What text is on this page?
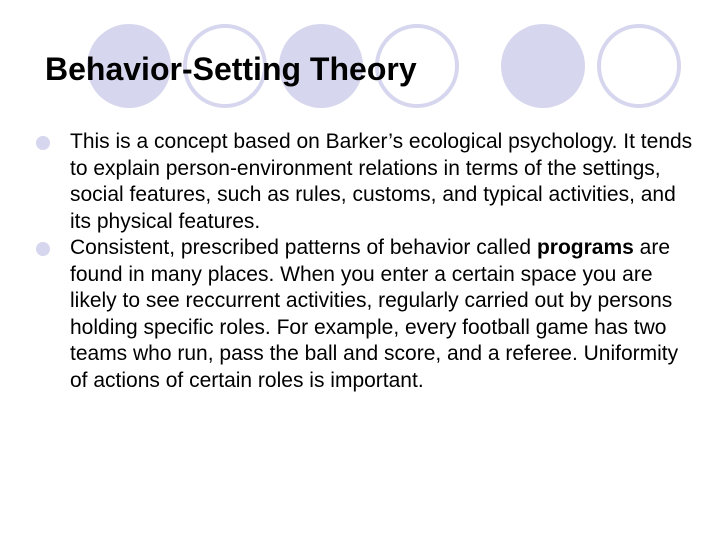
Behavior-Setting Theory
This is a concept based on Barker’s ecological psychology. It tends to explain person-environment relations in terms of the settings, social features, such as rules, customs, and typical activities, and its physical features.
Consistent, prescribed patterns of behavior called programs are found in many places. When you enter a certain space you are likely to see reccurrent activities, regularly carried out by persons holding specific roles. For example, every football game has two teams who run, pass the ball and score, and a referee. Uniformity of actions of certain roles is important.
